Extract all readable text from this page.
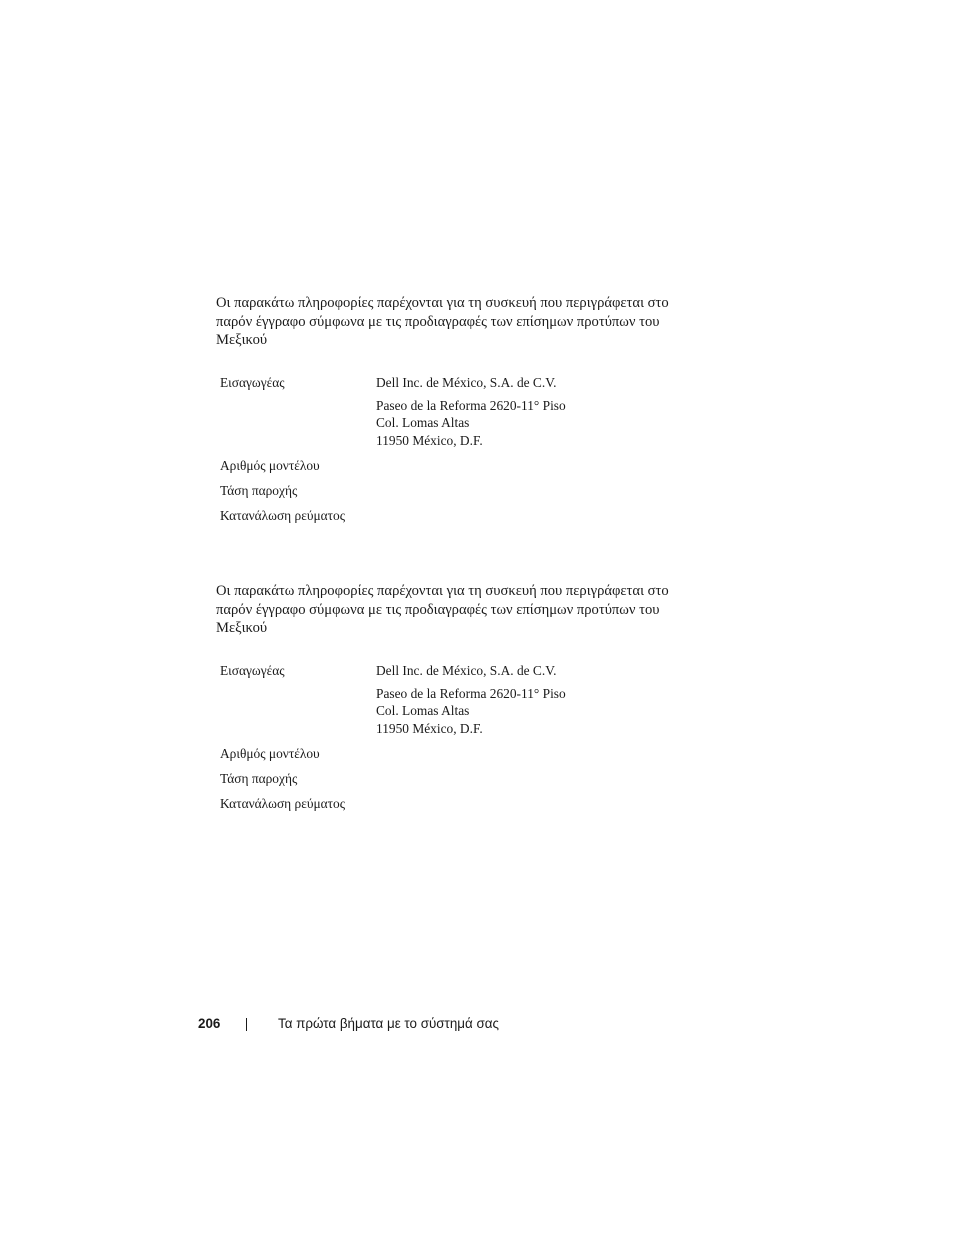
Οι παρακάτω πληροφορίες παρέχονται για τη συσκευή που περιγράφεται στο
παρόν έγγραφο σύμφωνα με τις προδιαγραφές των επίσημων προτύπων του
Μεξικού

Εισαγωγέας	Dell Inc. de México, S.A. de C.V.
Paseo de la Reforma 2620-11° Piso
Col. Lomas Altas
11950 México, D.F.
Αριθμός μοντέλου
Τάση παροχής
Κατανάλωση ρεύματος

Οι παρακάτω πληροφορίες παρέχονται για τη συσκευή που περιγράφεται στο
παρόν έγγραφο σύμφωνα με τις προδιαγραφές των επίσημων προτύπων του
Μεξικού

Εισαγωγέας	Dell Inc. de México, S.A. de C.V.
Paseo de la Reforma 2620-11° Piso
Col. Lomas Altas
11950 México, D.F.
Αριθμός μοντέλου
Τάση παροχής
Κατανάλωση ρεύματος
206	Τα πρώτα βήματα με το σύστημά σας
